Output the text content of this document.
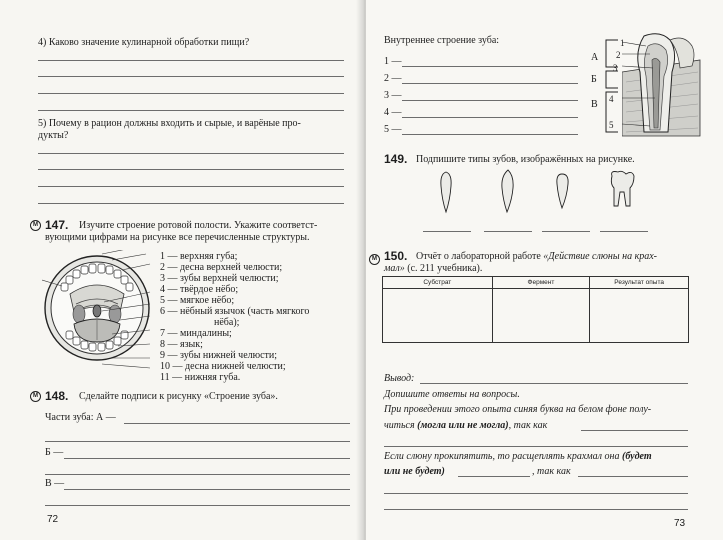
4) Каково значение кулинарной обработки пищи?
5) Почему в рацион должны входить и сырые, и варёные про-
дукты?
М 147. Изучите строение ротовой полости. Укажите соответст-
вующими цифрами на рисунке все перечисленные структуры.
1 — верхняя губа;
2 — десна верхней челюсти;
3 — зубы верхней челюсти;
4 — твёрдое нёбо;
5 — мягкое нёбо;
6 — нёбный язычок (часть мягкого
нёба);
7 — миндалины;
8 — язык;
9 — зубы нижней челюсти;
10 — десна нижней челюсти;
11 — нижняя губа.
М 148. Сделайте подписи к рисунку «Строение зуба».
Части зуба: А —
Б —
В —
72
Внутреннее строение зуба:
1 —
2 —
3 —
4 —
5 —
А
Б
В
1
2
3
4
5
149. Подпишите типы зубов, изображённых на рисунке.
М 150. Отчёт о лабораторной работе «Действие слюны на крах-
мал» (с. 211 учебника).
Субстрат	Фермент	Результат опыта

Вывод:
Допишите ответы на вопросы.
При проведении этого опыта синяя буква на белом фоне полу-
читься (могла или не могла), так как
Если слюну прокипятить, то расщеплять крахмал она (будет
или не будет)	, так как
73
